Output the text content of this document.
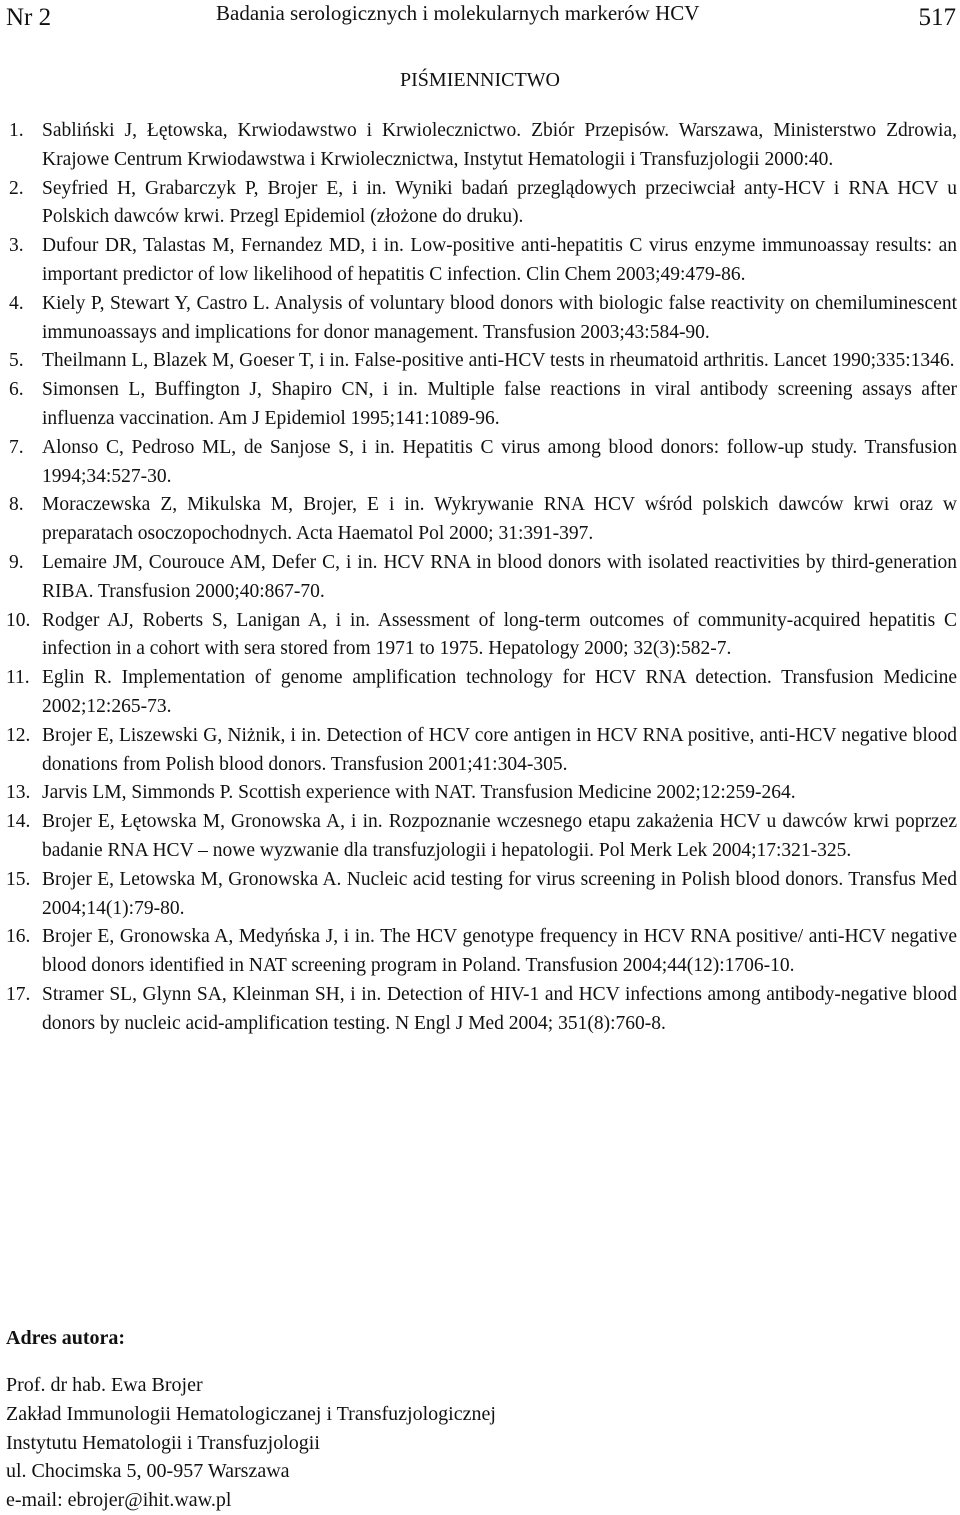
Nr 2	Badania serologicznych i molekularnych markerów HCV	517
PIŚMIENNICTWO
1. Sabliński J, Łętowska, Krwiodawstwo i Krwiolecznictwo. Zbiór Przepisów. Warszawa, Ministerstwo Zdrowia, Krajowe Centrum Krwiodawstwa i Krwiolecznictwa, Instytut Hematologii i Transfuzjologii 2000:40.
2. Seyfried H, Grabarczyk P, Brojer E, i in. Wyniki badań przeglądowych przeciwciał anty-HCV i RNA HCV u Polskich dawców krwi. Przegl Epidemiol (złożone do druku).
3. Dufour DR, Talastas M, Fernandez MD, i in. Low-positive anti-hepatitis C virus enzyme immunoassay results: an important predictor of low likelihood of hepatitis C infection. Clin Chem 2003;49:479-86.
4. Kiely P, Stewart Y, Castro L. Analysis of voluntary blood donors with biologic false reactivity on chemiluminescent immunoassays and implications for donor management. Transfusion 2003;43:584-90.
5. Theilmann L, Blazek M, Goeser T, i in. False-positive anti-HCV tests in rheumatoid arthritis. Lancet 1990;335:1346.
6. Simonsen L, Buffington J, Shapiro CN, i in. Multiple false reactions in viral antibody screening assays after influenza vaccination. Am J Epidemiol 1995;141:1089-96.
7. Alonso C, Pedroso ML, de Sanjose S, i in. Hepatitis C virus among blood donors: follow-up study. Transfusion 1994;34:527-30.
8. Moraczewska Z, Mikulska M, Brojer, E i in. Wykrywanie RNA HCV wśród polskich dawców krwi oraz w preparatach osoczopochodnych. Acta Haematol Pol 2000; 31:391-397.
9. Lemaire JM, Courouce AM, Defer C, i in. HCV RNA in blood donors with isolated reactivities by third-generation RIBA. Transfusion 2000;40:867-70.
10. Rodger AJ, Roberts S, Lanigan A, i in. Assessment of long-term outcomes of community-acquired hepatitis C infection in a cohort with sera stored from 1971 to 1975. Hepatology 2000; 32(3):582-7.
11. Eglin R. Implementation of genome amplification technology for HCV RNA detection. Transfusion Medicine 2002;12:265-73.
12. Brojer E, Liszewski G, Niżnik, i in. Detection of HCV core antigen in HCV RNA positive, anti-HCV negative blood donations from Polish blood donors. Transfusion 2001;41:304-305.
13. Jarvis LM, Simmonds P. Scottish experience with NAT. Transfusion Medicine 2002;12:259-264.
14. Brojer E, Łętowska M, Gronowska A, i in. Rozpoznanie wczesnego etapu zakażenia HCV u dawców krwi poprzez badanie RNA HCV – nowe wyzwanie dla transfuzjologii i hepatologii. Pol Merk Lek 2004;17:321-325.
15. Brojer E, Letowska M, Gronowska A. Nucleic acid testing for virus screening in Polish blood donors. Transfus Med 2004;14(1):79-80.
16. Brojer E, Gronowska A, Medyńska J, i in. The HCV genotype frequency in HCV RNA positive/ anti-HCV negative blood donors identified in NAT screening program in Poland. Transfusion 2004;44(12):1706-10.
17. Stramer SL, Glynn SA, Kleinman SH, i in. Detection of HIV-1 and HCV infections among antibody-negative blood donors by nucleic acid-amplification testing. N Engl J Med 2004; 351(8):760-8.
Adres autora:
Prof. dr hab. Ewa Brojer
Zakład Immunologii Hematologiczanej i Transfuzjologicznej
Instytutu Hematologii i Transfuzjologii
ul. Chocimska 5, 00-957 Warszawa
e-mail: ebrojer@ihit.waw.pl
